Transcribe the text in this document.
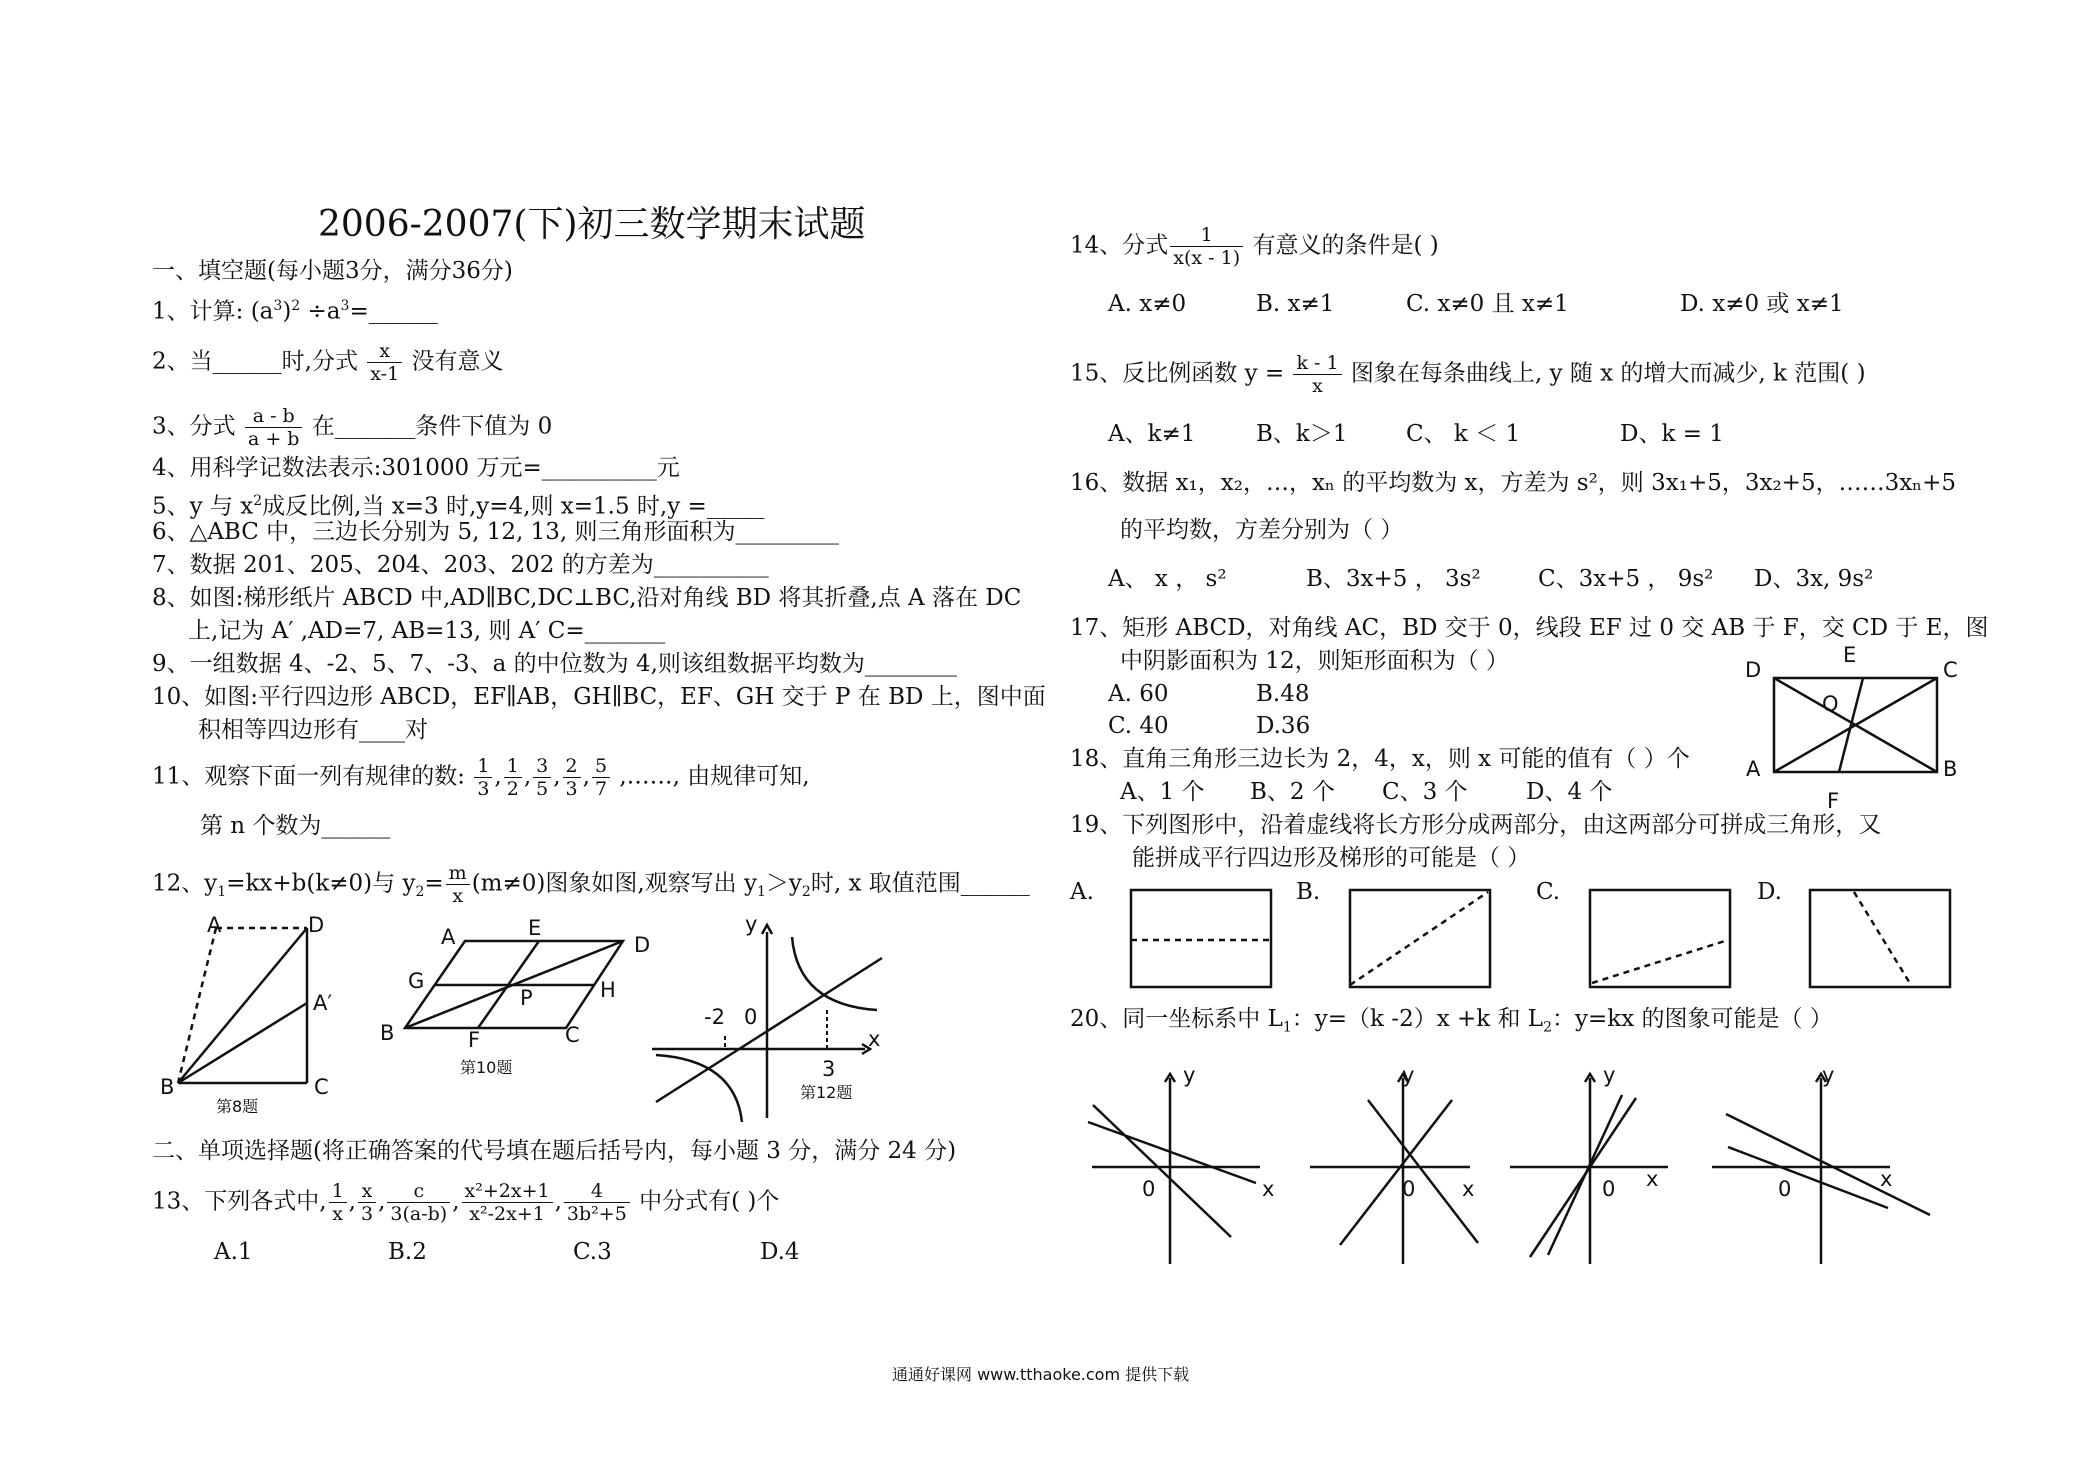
2006-2007(下)初三数学期末试题
一、填空题(每小题3分，满分36分)
1、计算: $(a^3)^2$ $\div a^3=\_\_\_\_\_\_$
2、当______时,分式 $\frac{x}{x-1}$ 没有意义
3、分式 $\frac{a - b}{a + b}$ 在_______条件下值为 0
4、用科学记数法表示:301000 万元=__________元
5、y 与 $x^2$成反比例,当 x=3 时,y=4,则 x=1.5 时,y =_____
6、△ABC 中，三边长分别为 5, 12, 13, 则三角形面积为_________
7、数据 201、205、204、203、202 的方差为__________
8、如图:梯形纸片 ABCD 中,AD∥BC,DC⊥BC,沿对角线 BD 将其折叠,点 A 落在 DC
上,记为 A′ ,AD=7, AB=13, 则 A′ C=_______
9、一组数据 4、-2、5、7、-3、a 的中位数为 4,则该组数据平均数为________
10、如图:平行四边形 ABCD，EF∥AB，GH∥BC，EF、GH 交于 P 在 BD 上，图中面
积相等四边形有____对
11、观察下面一列有规律的数: $\frac{1}{3}$ , $\frac{1}{2}$ , $\frac{3}{5}$ , $\frac{2}{3}$ , $\frac{5}{7}$ ,……, 由规律可知,
第 n 个数为______
12、$y_1=kx+b(k\ne 0)$与 $y_2= \frac{m}{x} (m\ne 0)$图象如图,观察写出 $y_1>y_2$时, x 取值范围______
二、单项选择题(将正确答案的代号填在题后括号内，每小题 3 分，满分 24 分)
13、下列各式中, $\frac{1}{x}$ , $\frac{x}{3}$ , $\frac{c}{3(a-b)}$ , $\frac{\text{x²+2x+1}}{\text{x²-2x+1}}$ , $\frac{4}{\text{3b²+5}}$ 中分式有( )个
A.1	B.2	C.3	D.4
14、分式 $\frac{1}{x(x - 1)}$ 有意义的条件是( )
A. x≠0	B. x≠1	C. x≠0 且 x≠1	D. x≠0 或 x≠1
15、反比例函数 $y = \frac{k - 1}{x}$ 图象在每条曲线上, y 随 x 的增大而减少, k 范围( )
A、k≠1	B、k＞1	C、 k ＜ 1	D、k = 1
16、数据 x₁，x₂，…，xₙ 的平均数为 x，方差为 s²，则 3x₁+5，3x₂+5，……3xₙ+5
的平均数，方差分别为（ ）
A、 x ， s²	B、3x+5 ， 3s² C、3x+5 ， 9s² D、3x, 9s²
17、矩形 ABCD，对角线 AC，BD 交于 0，线段 EF 过 0 交 AB 于 F，交 CD 于 E，图
中阴影面积为 12，则矩形面积为（ ）
A. 60	B.48
C. 40	D.36
18、直角三角形三边长为 2，4，x，则 x 可能的值有（ ）个
A、1 个 B、2 个 C、3 个	D、4 个
19、下列图形中，沿着虚线将长方形分成两部分，由这两部分可拼成三角形，又
能拼成平行四边形及梯形的可能是（ ）
A.	B.	C.	D.
20、同一坐标系中 $L_1$：y=（k -2）x +k 和 $L_2$：y=kx 的图象可能是（ ）
通通好课网 www.tthaoke.com 提供下载
A	D
A′
B	C
第8题
A	E
D
G
P	H
B	F	C
第10题
y
x
-2 0
3
第12题
D
E
C
O
A	B
F
y
x
0
y
x
0
y
x
0
y
x
0
